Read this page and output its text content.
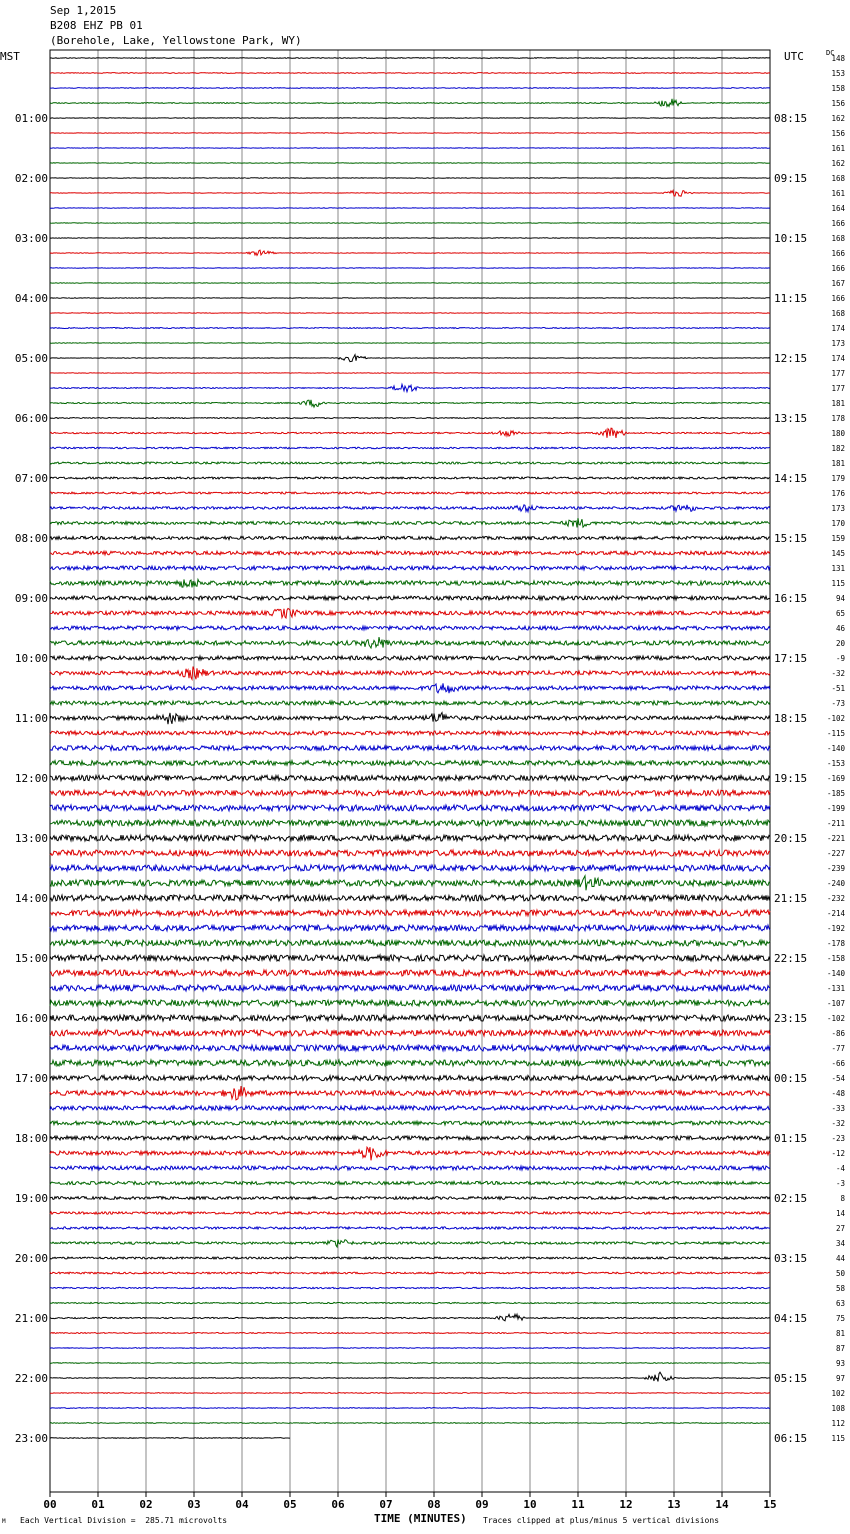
Sep 1,2015
B208 EHZ PB 01
(Borehole, Lake, Yellowstone Park, WY)
MST	UTC	DC
00	01	02	03	04	05	06	07	08	09	10	11	12	13	14	15
148
153
158
156
162
156
161
162
168
161
164
166
168
166
166
167
166
168
174
173
174
177
177
181
178
180
182
181
179
176
173
170
159
145
131
115
94
65
46
20
-9
-32
-51
-73
-102
-115
-140
-153
-169
-185
-199
-211
-221
-227
-239
-240
-232
-214
-192
-178
-158
-140
-131
-107
-102
-86
-77
-66
-54
-48
-33
-32
-23
-12
-4
-3
8
14
27
34
44
50
58
63
75
81
87
93
97
102
108
112
115
01:00
02:00
03:00
04:00
05:00
06:00
07:00
08:00
09:00
10:00
11:00
12:00
13:00
14:00
15:00
16:00
17:00
18:00
19:00
20:00
21:00
22:00
23:00
08:15
09:15
10:15
11:15
12:15
13:15
14:15
15:15
16:15
17:15
18:15
19:15
20:15
21:15
22:15
23:15
00:15
01:15
02:15
03:15
04:15
05:15
06:15
TIME (MINUTES)
M Each Vertical Division =  285.71 microvolts	Traces clipped at plus/minus 5 vertical divisions
